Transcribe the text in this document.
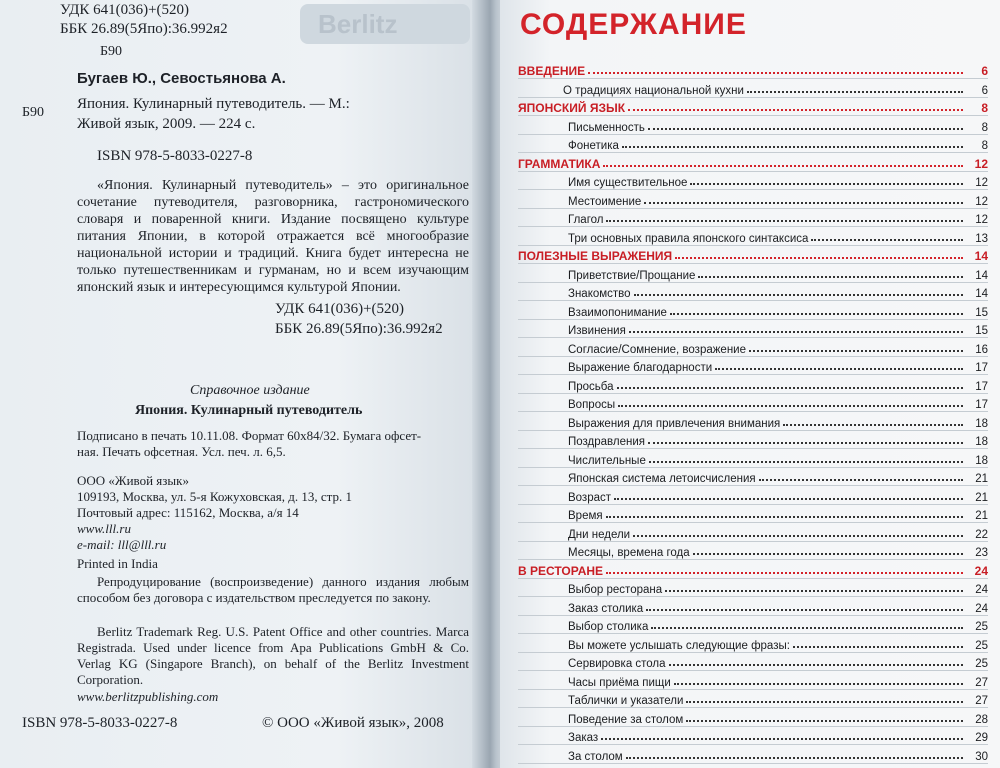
Berlitz
УДК 641(036)+(520)
ББК 26.89(5Япо):36.992я2
Б90
Бугаев Ю., Севостьянова А.
Б90
Япония. Кулинарный путеводитель. — М.:
Живой язык, 2009. — 224 с.
ISBN 978-5-8033-0227-8
«Япония. Кулинарный путеводитель» – это оригинальное сочетание путеводителя, разговорника, гастрономического словаря и поваренной книги. Издание посвящено культуре питания Японии, в которой отражается всё многообразие национальной истории и традиций. Книга будет интересна не только путешественникам и гурманам, но и всем изучающим японский язык и интересующимся культурой Японии.
УДК 641(036)+(520)
ББК 26.89(5Япо):36.992я2
Справочное издание
Япония. Кулинарный путеводитель
Подписано в печать 10.11.08. Формат 60х84/32. Бумага офсет-
ная. Печать офсетная. Усл. печ. л. 6,5.
ООО «Живой язык»
109193, Москва, ул. 5-я Кожуховская, д. 13, стр. 1
Почтовый адрес: 115162, Москва, а/я 14
www.lll.ru
e-mail: lll@lll.ru
Printed in India
Репродуцирование (воспроизведение) данного издания любым способом без договора с издательством преследуется по закону.
Berlitz Trademark Reg. U.S. Patent Office and other countries. Marca Registrada. Used under licence from Apa Publications GmbH & Co. Verlag KG (Singapore Branch), on behalf of the Berlitz Investment Corporation.
www.berlitzpublishing.com
ISBN 978-5-8033-0227-8	© ООО «Живой язык», 2008
СОДЕРЖАНИЕ
ВВЕДЕНИЕ	6
О традициях национальной кухни	6
ЯПОНСКИЙ ЯЗЫК	8
Письменность	8
Фонетика	8
ГРАММАТИКА	12
Имя существительное	12
Местоимение	12
Глагол	12
Три основных правила японского синтаксиса	13
ПОЛЕЗНЫЕ ВЫРАЖЕНИЯ	14
Приветствие/Прощание	14
Знакомство	14
Взаимопонимание	15
Извинения	15
Согласие/Сомнение, возражение	16
Выражение благодарности	17
Просьба	17
Вопросы	17
Выражения для привлечения внимания	18
Поздравления	18
Числительные	18
Японская система летоисчисления	21
Возраст	21
Время	21
Дни недели	22
Месяцы, времена года	23
В РЕСТОРАНЕ	24
Выбор ресторана	24
Заказ столика	24
Выбор столика	25
Вы можете услышать следующие фразы:	25
Сервировка стола	25
Часы приёма пищи	27
Таблички и указатели	27
Поведение за столом	28
Заказ	29
За столом	30
